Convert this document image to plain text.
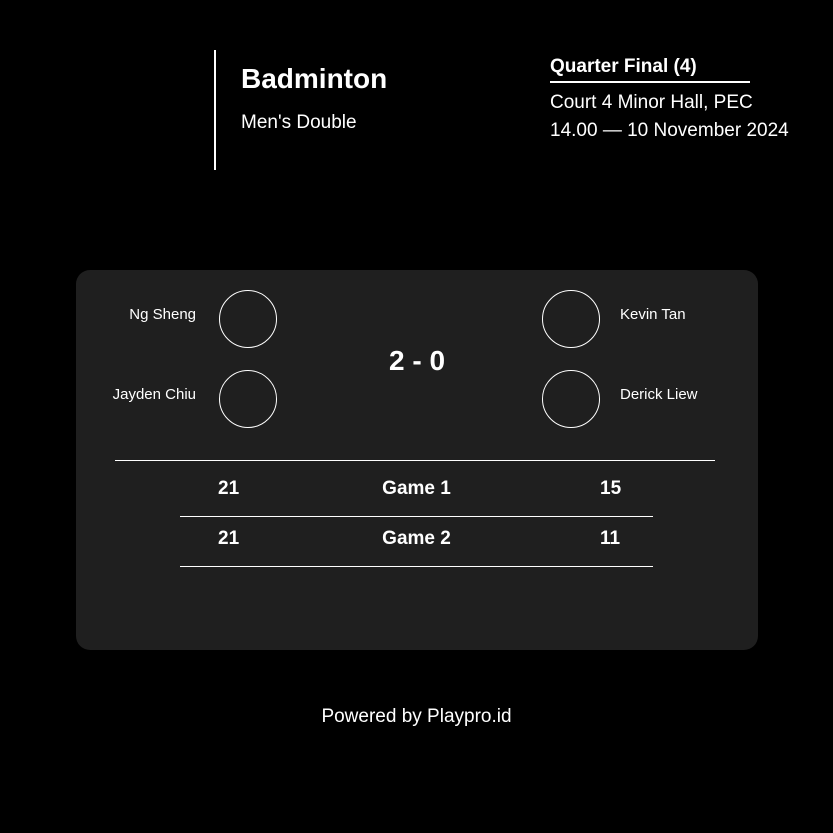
Badminton
Men's Double
Quarter Final (4)
Court 4 Minor Hall, PEC
14.00 — 10 November 2024
Ng Sheng
Jayden Chiu
2 - 0
Kevin Tan
Derick Liew
21	Game 1	15
21	Game 2	11
Powered by Playpro.id
